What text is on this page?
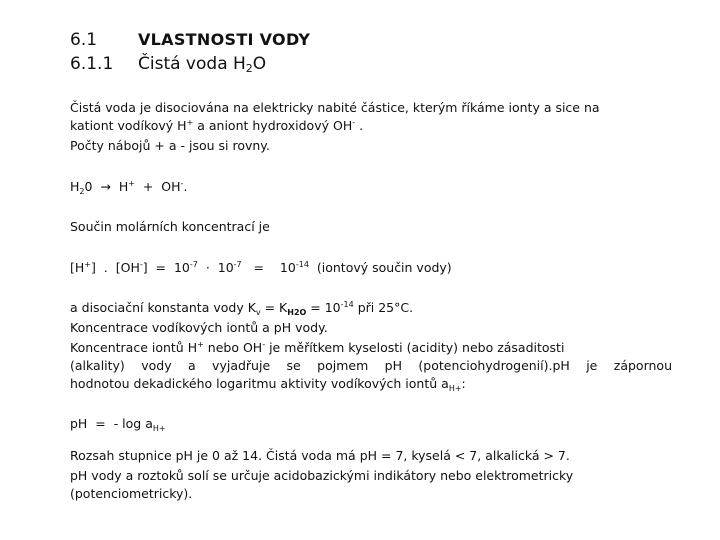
6.1	VLASTNOSTI VODY
6.1.1 Čistá voda $H_2O$
Čistá voda je disociována na elektricky nabité částice, kterým říkáme ionty a sice na
kationt vodíkový H+ a aniont hydroxidový OH- .
Počty nábojů + a - jsou si rovny.
$H_20 \to H^+ + OH^-$.
Součin molárních koncentrací je
[H+]  .  $[OH^-] = 10^{-7} \cdot 10^{-7}$   =    $10^{-14}$  (iontový součin vody)
a disociační konstanta vody $K_v = K_{H2O} = 10^{-14}$ při 25°C.
Koncentrace vodíkových iontů a pH vody.
Koncentrace iontů H+ nebo OH- je měřítkem kyselosti (acidity) nebo zásaditosti
(alkality) vody a vyjadřuje se pojmem pH (potenciohydrogenií).pH je zápornou
hodnotou dekadického logaritmu aktivity vodíkových iontů $a_{H+}$:
pH  =  - $\log a_{H+}$
Rozsah stupnice pH je 0 až 14. Čistá voda má pH = 7, kyselá < 7, alkalická > 7.
pH vody a roztoků solí se určuje acidobazickými indikátory nebo elektrometricky
(potenciometricky).
